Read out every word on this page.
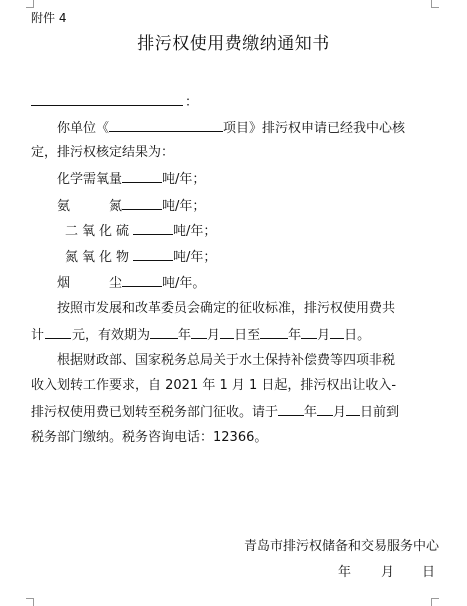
附件 4
排污权使用费缴纳通知书
：
你单位《	项目》排污权申请已经我中心核
定，排污权核定结果为：
化学需氧量	吨/年；
氨　　　氮	吨/年；
二氧化硫	吨/年；
氮氧化物	吨/年；
烟　　　尘	吨/年。
按照市发展和改革委员会确定的征收标准，排污权使用费共
计 元，有效期为 年 月 日至 年 月 日。
根据财政部、国家税务总局关于水土保持补偿费等四项非税
收入划转工作要求，自 2021 年 1 月 1 日起，排污权出让收入-
排污权使用费已划转至税务部门征收。请于 年 月 日前到
税务部门缴纳。税务咨询电话：12366。
青岛市排污权储备和交易服务中心
年 月 日
